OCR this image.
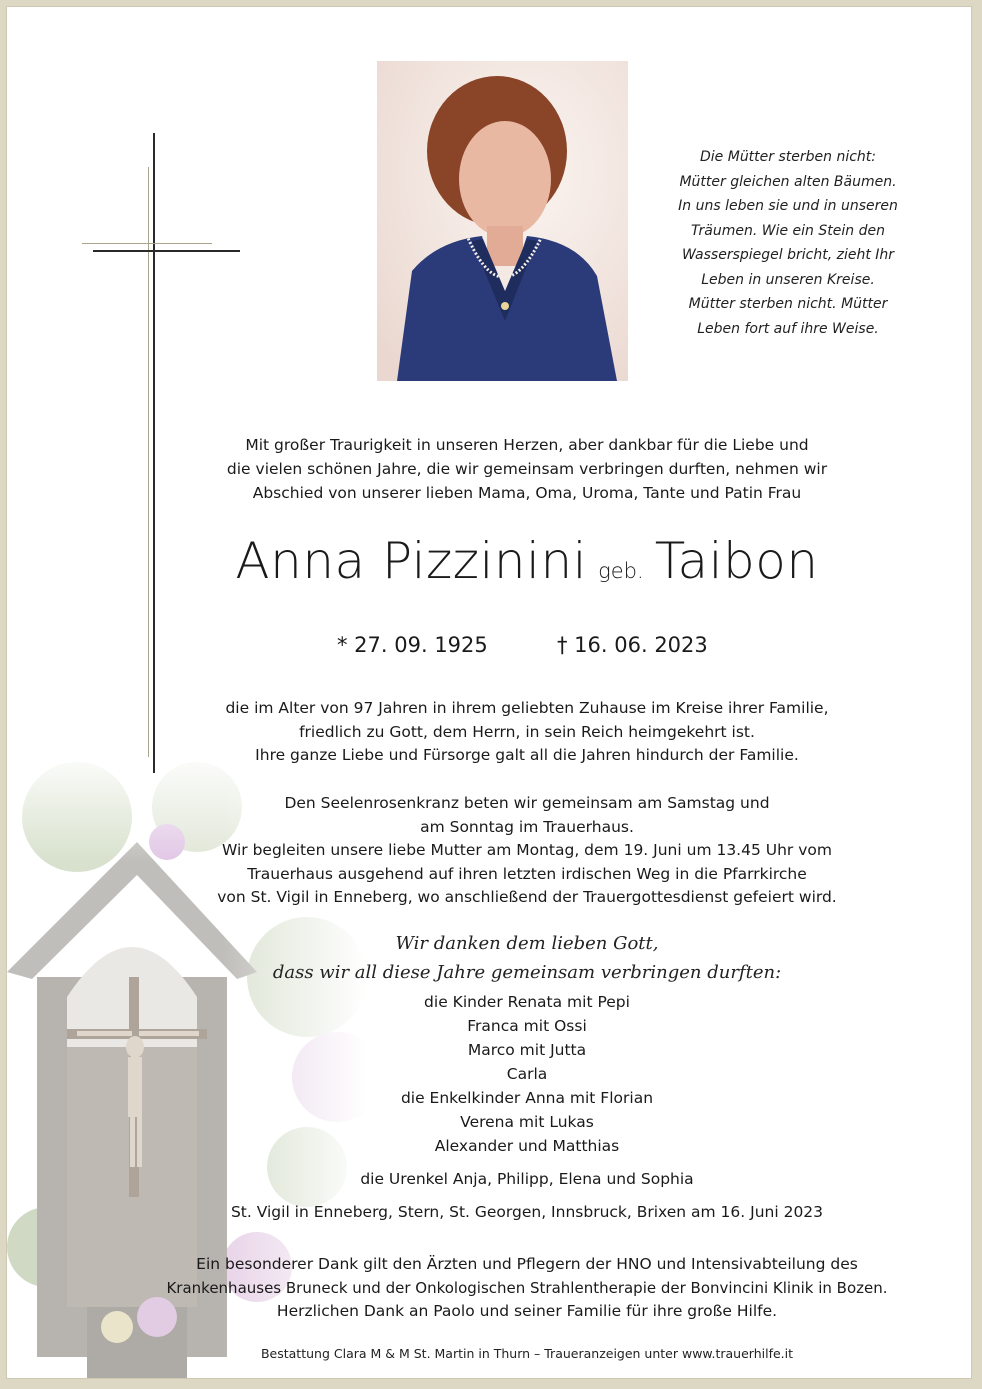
Die Mütter sterben nicht:
Mütter gleichen alten Bäumen.
In uns leben sie und in unseren
Träumen. Wie ein Stein den
Wasserspiegel bricht, zieht Ihr
Leben in unseren Kreise.
Mütter sterben nicht. Mütter
Leben fort auf ihre Weise.
Mit großer Traurigkeit in unseren Herzen, aber dankbar für die Liebe und
die vielen schönen Jahre, die wir gemeinsam verbringen durften, nehmen wir
Abschied von unserer lieben Mama, Oma, Uroma, Tante und Patin Frau
Anna Pizzinini geb. Taibon
* 27. 09. 1925	† 16. 06. 2023
die im Alter von 97 Jahren in ihrem geliebten Zuhause im Kreise ihrer Familie,
friedlich zu Gott, dem Herrn, in sein Reich heimgekehrt ist.
Ihre ganze Liebe und Fürsorge galt all die Jahren hindurch der Familie.
Den Seelenrosenkranz beten wir gemeinsam am Samstag und
am Sonntag im Trauerhaus.
Wir begleiten unsere liebe Mutter am Montag, dem 19. Juni um 13.45 Uhr vom
Trauerhaus ausgehend auf ihren letzten irdischen Weg in die Pfarrkirche
von St. Vigil in Enneberg, wo anschließend der Trauergottesdienst gefeiert wird.
Wir danken dem lieben Gott,
dass wir all diese Jahre gemeinsam verbringen durften:
die Kinder Renata mit Pepi
Franca mit Ossi
Marco mit Jutta
Carla
die Enkelkinder Anna mit Florian
Verena mit Lukas
Alexander und Matthias
die Urenkel Anja, Philipp, Elena und Sophia
St. Vigil in Enneberg, Stern, St. Georgen, Innsbruck, Brixen am 16. Juni 2023
Ein besonderer Dank gilt den Ärzten und Pflegern der HNO und Intensivabteilung des
Krankenhauses Bruneck und der Onkologischen Strahlentherapie der Bonvincini Klinik in Bozen.
Herzlichen Dank an Paolo und seiner Familie für ihre große Hilfe.
Bestattung Clara M & M St. Martin in Thurn – Traueranzeigen unter www.trauerhilfe.it
